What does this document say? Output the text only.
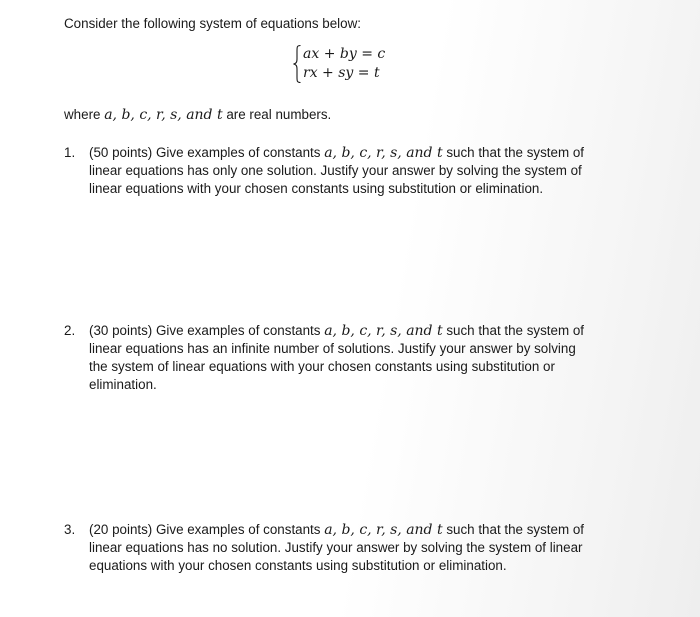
Consider the following system of equations below:

ax + by = c
rx + sy = t

where a, b, c, r, s, and t are real numbers.

1. (50 points) Give examples of constants a, b, c, r, s, and t such that the system of

linear equations has only one solution. Justify your answer by solving the system of

linear equations with your chosen constants using substitution or elimination.

2. (30 points) Give examples of constants a, b, c, r, s, and t such that the system of

linear equations has an infinite number of solutions. Justify your answer by solving

the system of linear equations with your chosen constants using substitution or

elimination.

3. (20 points) Give examples of constants a, b, c, r, s, and t such that the system of

linear equations has no solution. Justify your answer by solving the system of linear

equations with your chosen constants using substitution or elimination.
